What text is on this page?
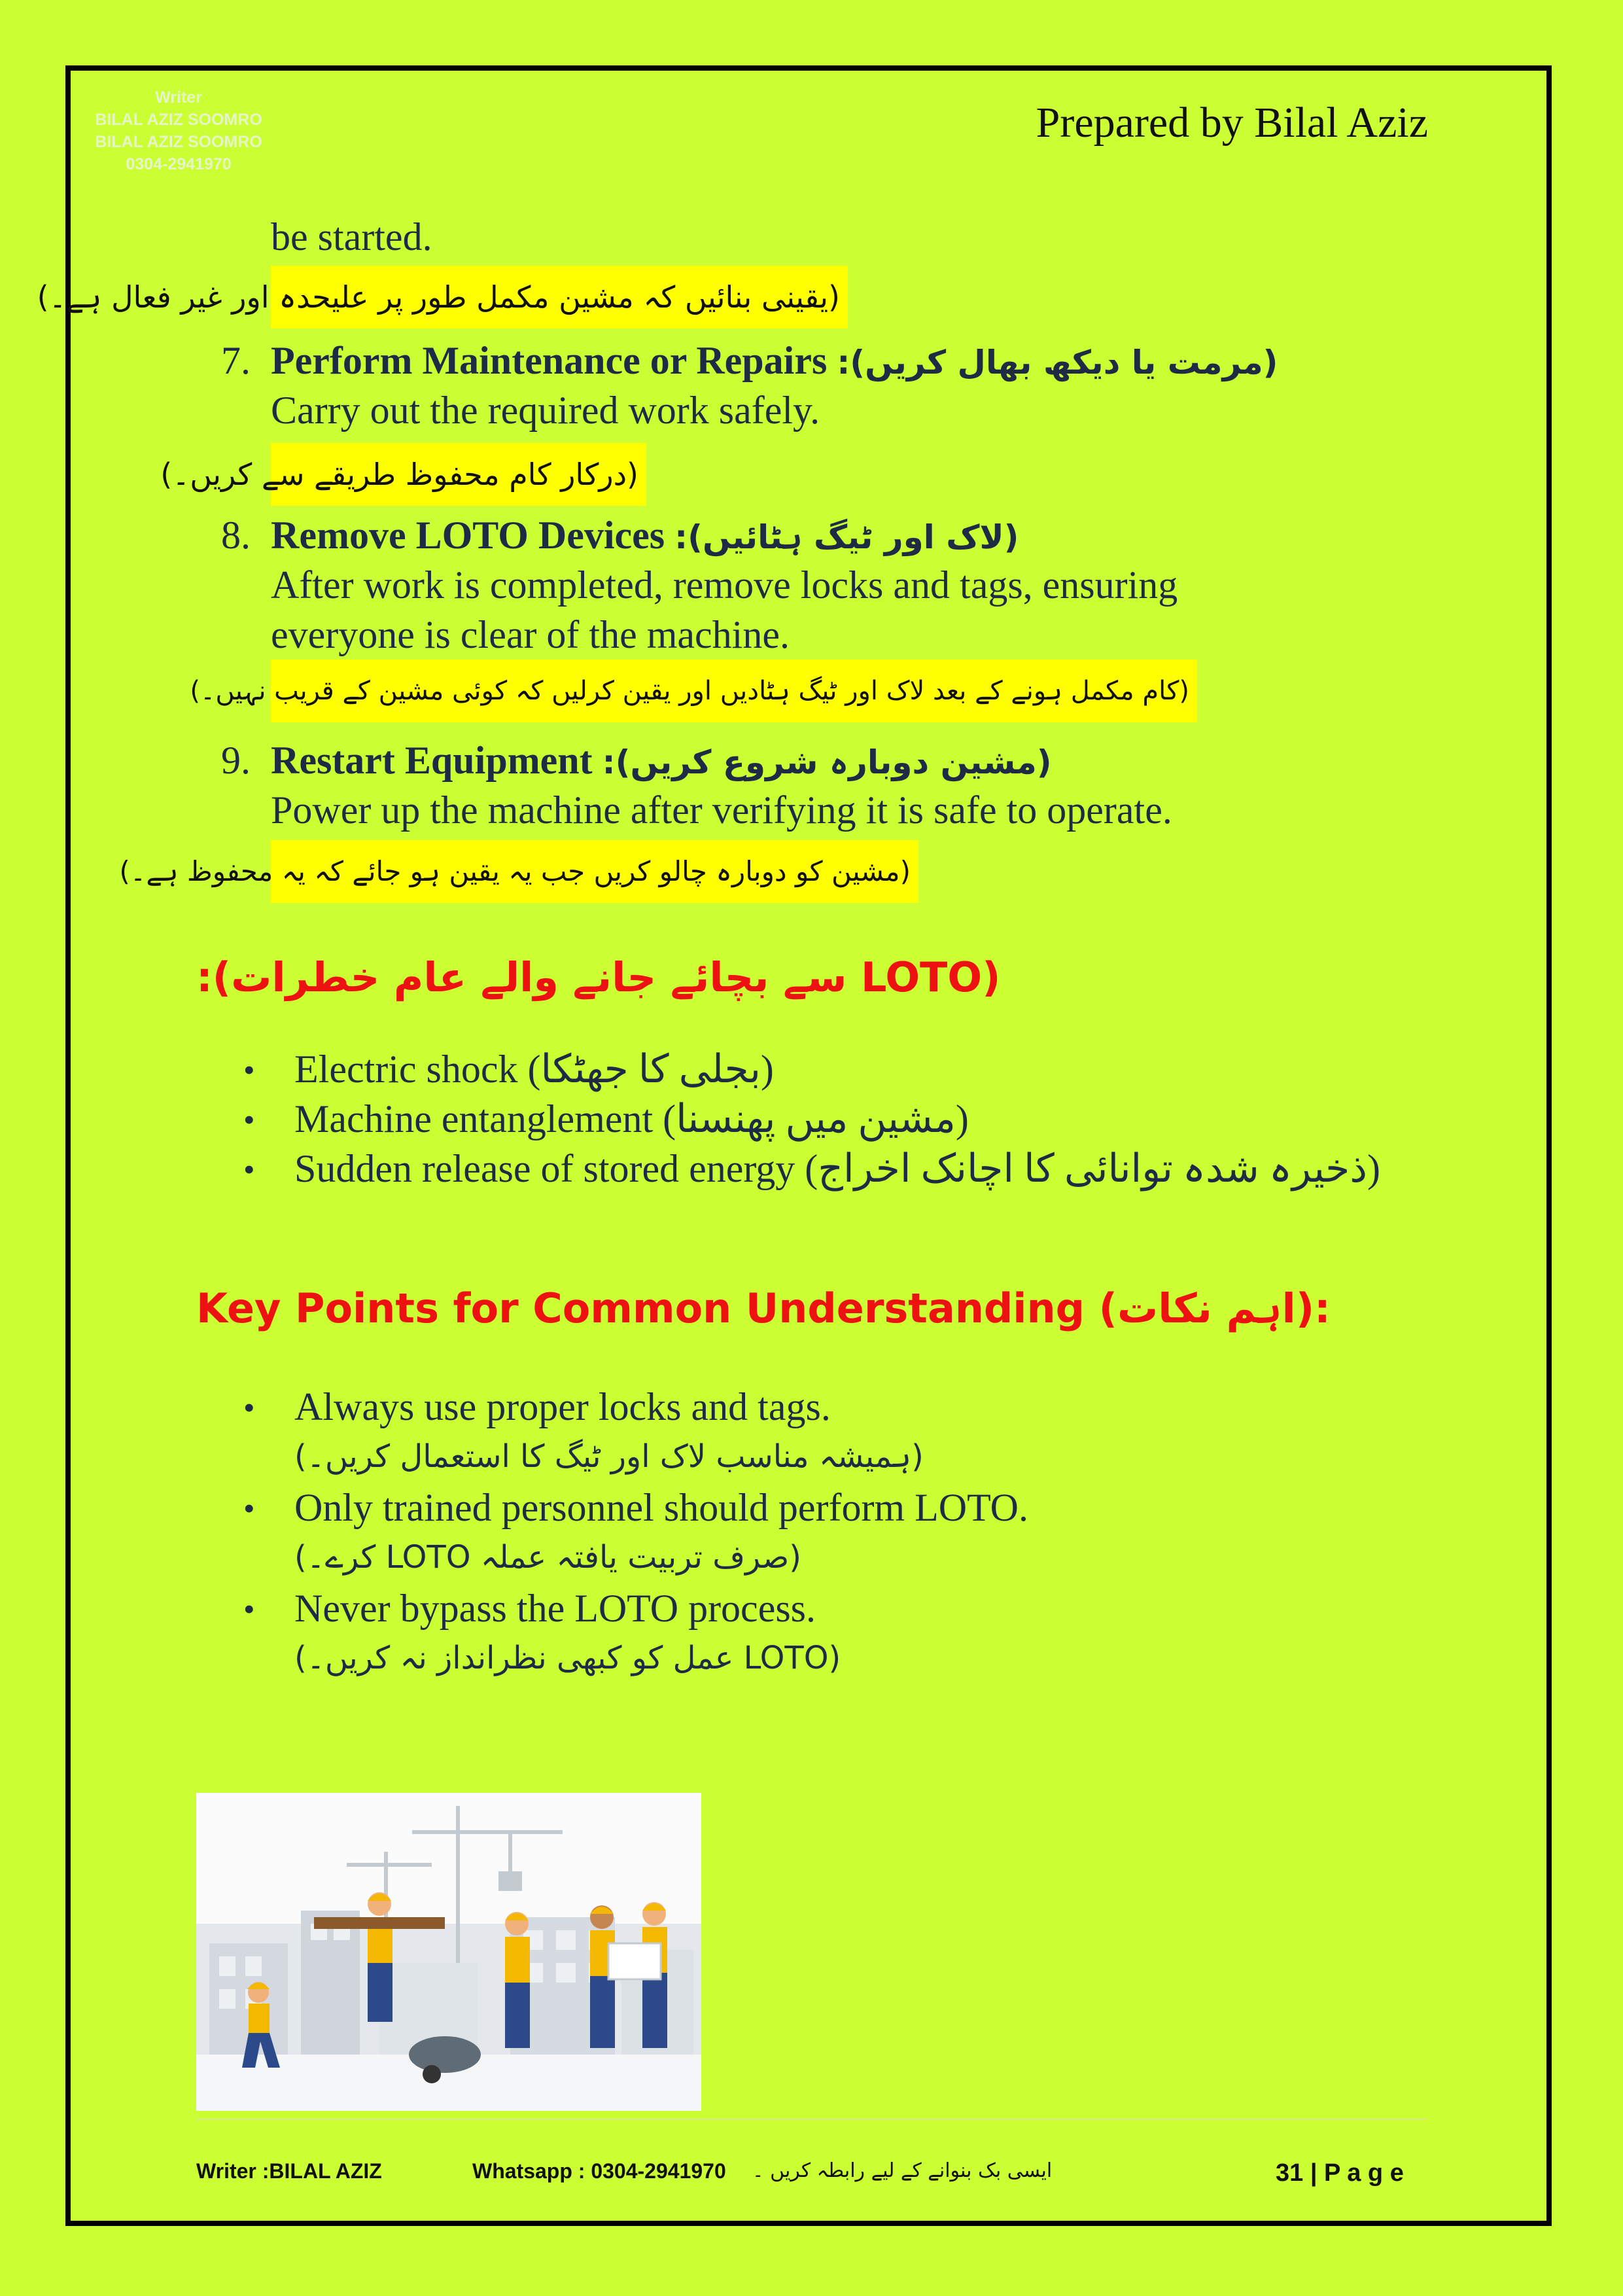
Writer
BILAL AZIZ SOOMRO
BILAL AZIZ SOOMRO
0304-2941970
Prepared by Bilal Aziz
be started.
(یقینی بنائیں کہ مشین مکمل طور پر علیحدہ اور غیر فعال ہے۔)
7. Perform Maintenance or Repairs (مرمت یا دیکھ بھال کریں):
Carry out the required work safely.
(درکار کام محفوظ طریقے سے کریں۔)
8. Remove LOTO Devices (لاک اور ٹیگ ہٹائیں):
After work is completed, remove locks and tags, ensuring
everyone is clear of the machine.
(کام مکمل ہونے کے بعد لاک اور ٹیگ ہٹادیں اور یقین کرلیں کہ کوئی مشین کے قریب نہیں۔)
9. Restart Equipment (مشین دوبارہ شروع کریں):
Power up the machine after verifying it is safe to operate.
(مشین کو دوبارہ چالو کریں جب یہ یقین ہو جائے کہ یہ محفوظ ہے۔)
(LOTO سے بچائے جانے والے عام خطرات):
• Electric shock (بجلی کا جھٹکا)
• Machine entanglement (مشین میں پھنسنا)
• Sudden release of stored energy (ذخیرہ شدہ توانائی کا اچانک اخراج)
Key Points for Common Understanding (اہم نکات):
• Always use proper locks and tags.
(ہمیشہ مناسب لاک اور ٹیگ کا استعمال کریں۔)
• Only trained personnel should perform LOTO.
(صرف تربیت یافتہ عملہ LOTO کرے۔)
• Never bypass the LOTO process.
(LOTO عمل کو کبھی نظرانداز نہ کریں۔)
Writer :BILAL AZIZ	Whatsapp : 0304-2941970 ایسی بک بنوانے کے لیے رابطہ کریں ۔	31 | P a g e
